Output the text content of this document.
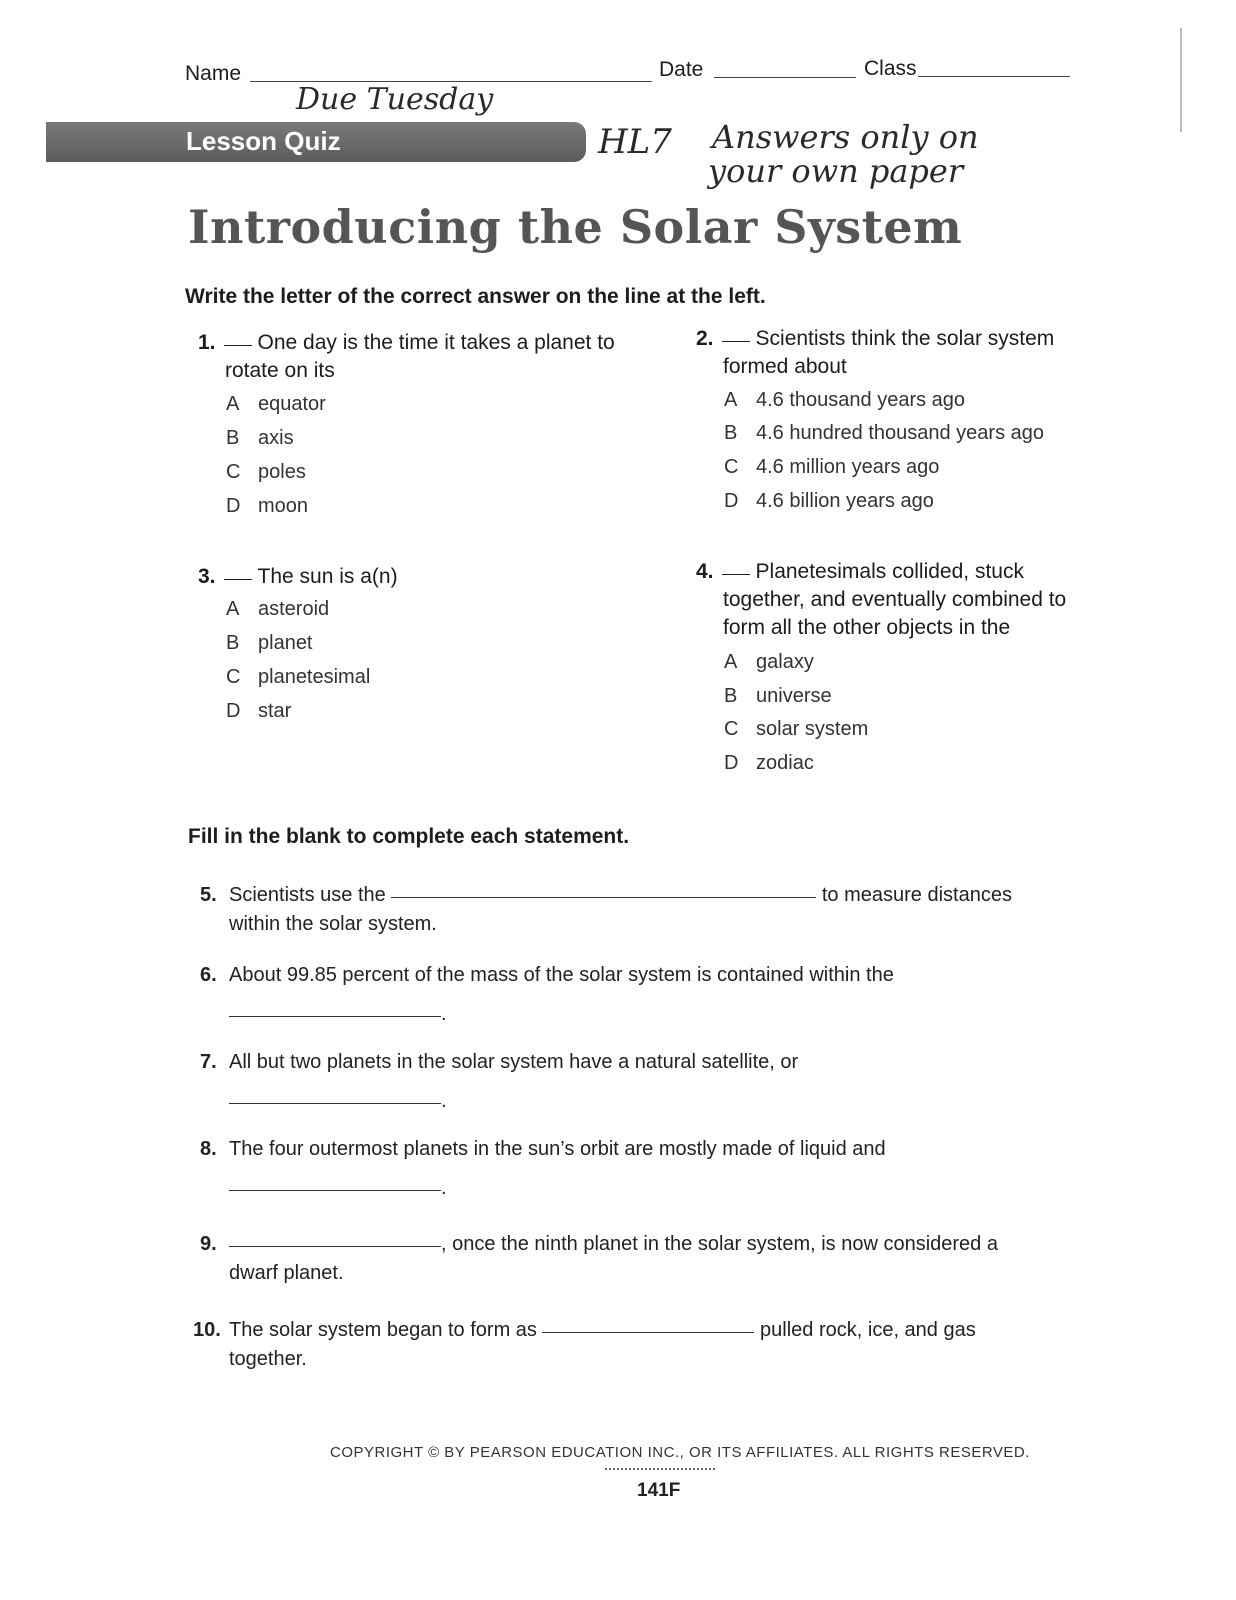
Name	Date	Class
Due Tuesday
Lesson Quiz	HL7 Answers only on
your own paper
Introducing the Solar System
Write the letter of the correct answer on the line at the left.
1. One day is the time it takes a planet to
rotate on its
A equator
B axis
C poles
D moon
2. Scientists think the solar system
formed about
A 4.6 thousand years ago
B 4.6 hundred thousand years ago
C 4.6 million years ago
D 4.6 billion years ago
3. The sun is a(n)
A asteroid
B planet
C planetesimal
D star
4. Planetesimals collided, stuck
together, and eventually combined to
form all the other objects in the
A galaxy
B universe
C solar system
D zodiac
Fill in the blank to complete each statement.
5. Scientists use the	to measure distances
within the solar system.
6. About 99.85 percent of the mass of the solar system is contained within the
.
7. All but two planets in the solar system have a natural satellite, or
.
8. The four outermost planets in the sun’s orbit are mostly made of liquid and
.
9.	, once the ninth planet in the solar system, is now considered a
dwarf planet.
10. The solar system began to form as	pulled rock, ice, and gas
together.
COPYRIGHT © BY PEARSON EDUCATION INC., OR ITS AFFILIATES. ALL RIGHTS RESERVED.
141F
